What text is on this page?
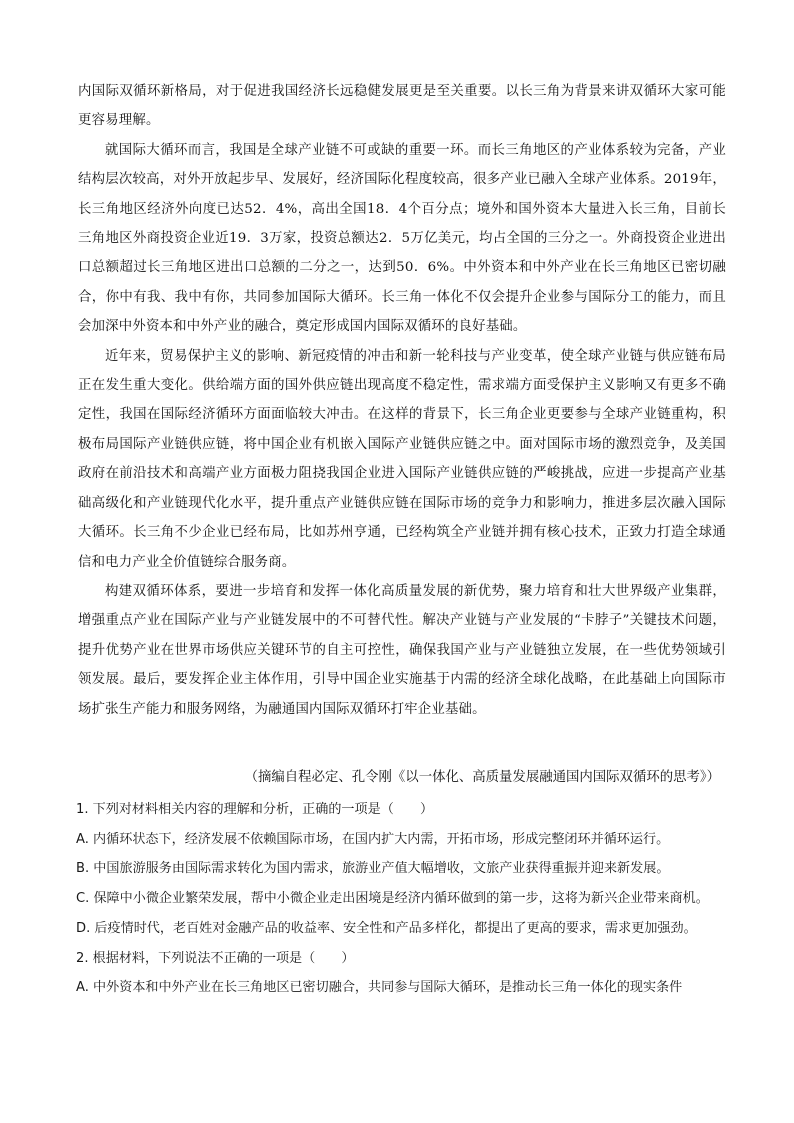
内国际双循环新格局，对于促进我国经济长远稳健发展更是至关重要。以长三角为背景来讲双循环大家可能更容易理解。

就国际大循环而言，我国是全球产业链不可或缺的重要一环。而长三角地区的产业体系较为完备，产业结构层次较高，对外开放起步早、发展好，经济国际化程度较高，很多产业已融入全球产业体系。2019年，长三角地区经济外向度已达52．4%，高出全国18．4个百分点；境外和国外资本大量进入长三角，目前长三角地区外商投资企业近19．3万家，投资总额达2．5万亿美元，均占全国的三分之一。外商投资企业进出口总额超过长三角地区进出口总额的二分之一，达到50．6%。中外资本和中外产业在长三角地区已密切融合，你中有我、我中有你，共同参加国际大循环。长三角一体化不仅会提升企业参与国际分工的能力，而且会加深中外资本和中外产业的融合，奠定形成国内国际双循环的良好基础。

近年来，贸易保护主义的影响、新冠疫情的冲击和新一轮科技与产业变革，使全球产业链与供应链布局正在发生重大变化。供给端方面的国外供应链出现高度不稳定性，需求端方面受保护主义影响又有更多不确定性，我国在国际经济循环方面面临较大冲击。在这样的背景下，长三角企业更要参与全球产业链重构，积极布局国际产业链供应链，将中国企业有机嵌入国际产业链供应链之中。面对国际市场的激烈竞争，及美国政府在前沿技术和高端产业方面极力阻挠我国企业进入国际产业链供应链的严峻挑战，应进一步提高产业基础高级化和产业链现代化水平，提升重点产业链供应链在国际市场的竞争力和影响力，推进多层次融入国际大循环。长三角不少企业已经布局，比如苏州亨通，已经构筑全产业链并拥有核心技术，正致力打造全球通信和电力产业全价值链综合服务商。

构建双循环体系，要进一步培育和发挥一体化高质量发展的新优势，聚力培育和壮大世界级产业集群，增强重点产业在国际产业与产业链发展中的不可替代性。解决产业链与产业发展的“卡脖子”关键技术问题，提升优势产业在世界市场供应关键环节的自主可控性，确保我国产业与产业链独立发展，在一些优势领域引领发展。最后，要发挥企业主体作用，引导中国企业实施基于内需的经济全球化战略，在此基础上向国际市场扩张生产能力和服务网络，为融通国内国际双循环打牢企业基础。

（摘编自程必定、孔令刚《以一体化、高质量发展融通国内国际双循环的思考》）

1. 下列对材料相关内容的理解和分析，正确的一项是（　　）

A. 内循环状态下，经济发展不依赖国际市场，在国内扩大内需，开拓市场，形成完整闭环并循环运行。

B. 中国旅游服务由国际需求转化为国内需求，旅游业产值大幅增收，文旅产业获得重振并迎来新发展。

C. 保障中小微企业繁荣发展，帮中小微企业走出困境是经济内循环做到的第一步，这将为新兴企业带来商机。

D. 后疫情时代，老百姓对金融产品的收益率、安全性和产品多样化，都提出了更高的要求，需求更加强劲。

2. 根据材料，下列说法不正确的一项是（　　）

A. 中外资本和中外产业在长三角地区已密切融合，共同参与国际大循环，是推动长三角一体化的现实条件
